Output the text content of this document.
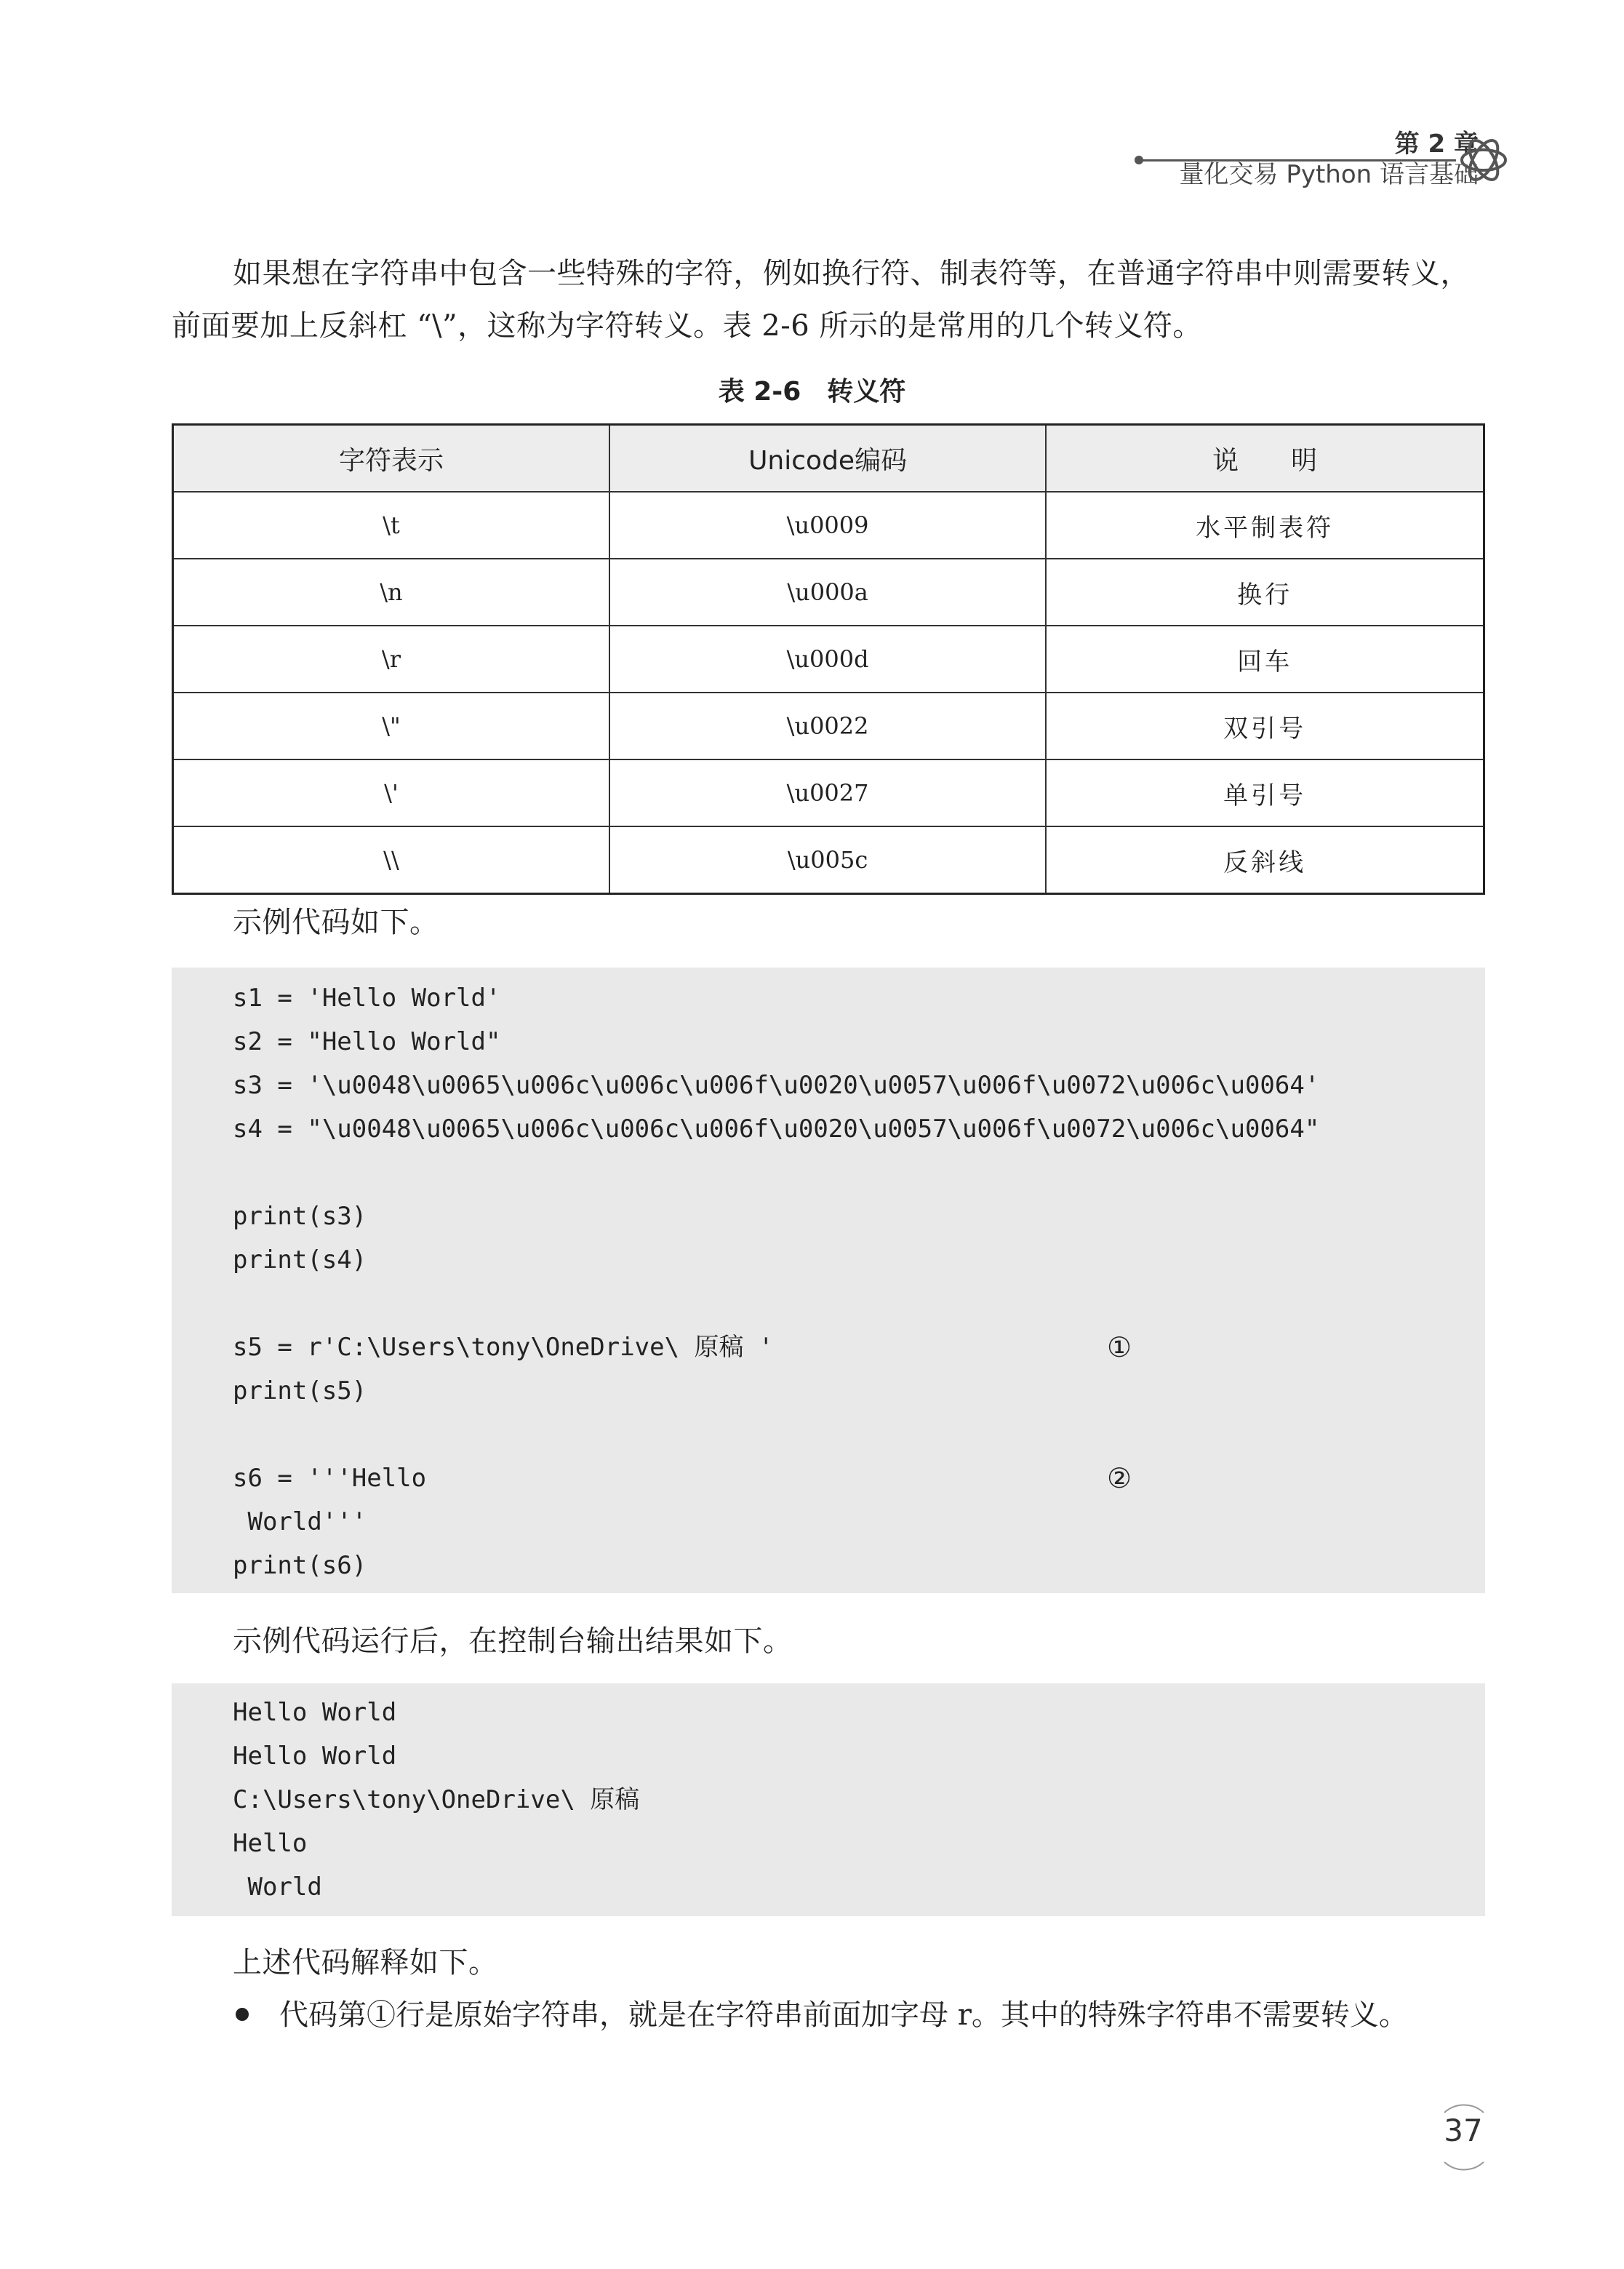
第 2 章
量化交易 Python 语言基础
如果想在字符串中包含一些特殊的字符，例如换行符、制表符等，在普通字符串中则需要转义，
前面要加上反斜杠 “\”，这称为字符转义。表 2-6 所示的是常用的几个转义符。
表 2-6　转义符
字符表示	Unicode编码	说　　明
\t	\u0009	水平制表符
\n	\u000a	换行
\r	\u000d	回车
\"	\u0022	双引号
\'	\u0027	单引号
\\	\u005c	反斜线
示例代码如下。
s1 = 'Hello World'
s2 = "Hello World"
s3 = '\u0048\u0065\u006c\u006c\u006f\u0020\u0057\u006f\u0072\u006c\u0064'
s4 = "\u0048\u0065\u006c\u006c\u006f\u0020\u0057\u006f\u0072\u006c\u0064"
print(s3)
print(s4)
s5 = r'C:\Users\tony\OneDrive\ 原稿 '	①
print(s5)
s6 = '''Hello	②
World'''
print(s6)
示例代码运行后，在控制台输出结果如下。
Hello World
Hello World
C:\Users\tony\OneDrive\ 原稿
Hello
World
上述代码解释如下。
代码第①行是原始字符串，就是在字符串前面加字母 r。其中的特殊字符串不需要转义。
37
